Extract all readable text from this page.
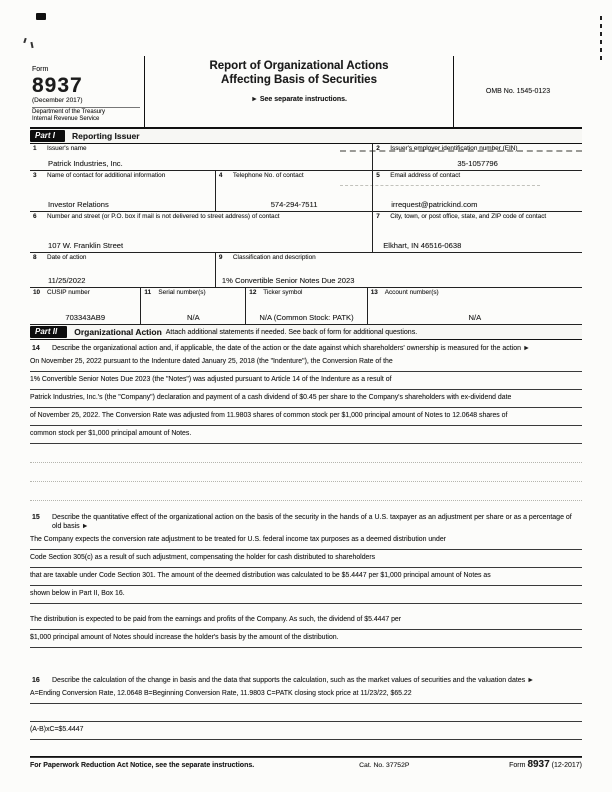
Form
8937
(December 2017)
Department of the Treasury
Internal Revenue Service
Report of Organizational Actions
Affecting Basis of Securities
► See separate instructions.
OMB No. 1545-0123
Part I	Reporting Issuer
1	Issuer's name
Patrick Industries, Inc.
2	Issuer's employer identification number (EIN)
35-1057796
3	Name of contact for additional information
Investor Relations
4	Telephone No. of contact
574-294-7511
5	Email address of contact
irrequest@patrickind.com
6	Number and street (or P.O. box if mail is not delivered to street address) of contact
107 W. Franklin Street
7	City, town, or post office, state, and ZIP code of contact
Elkhart, IN 46516-0638
8	Date of action
11/25/2022
9	Classification and description
1% Convertible Senior Notes Due 2023
10 CUSIP number
703343AB9
11 Serial number(s)
N/A
12 Ticker symbol
N/A (Common Stock: PATK)
13 Account number(s)
N/A
Part II	Organizational Action Attach additional statements if needed. See back of form for additional questions.
14	Describe the organizational action and, if applicable, the date of the action or the date against which shareholders' ownership is measured for the action ►
On November 25, 2022 pursuant to the Indenture dated January 25, 2018 (the "Indenture"), the Conversion Rate of the
1% Convertible Senior Notes Due 2023 (the "Notes") was adjusted pursuant to Article 14 of the Indenture as a result of
Patrick Industries, Inc.'s (the "Company") declaration and payment of a cash dividend of $0.45 per share to the Company's shareholders with ex-dividend date
of November 25, 2022. The Conversion Rate was adjusted from 11.9803 shares of common stock per $1,000 principal amount of Notes to 12.0648 shares of
common stock per $1,000 principal amount of Notes.
15	Describe the quantitative effect of the organizational action on the basis of the security in the hands of a U.S. taxpayer as an adjustment per share or as a percentage of old basis ►
The Company expects the conversion rate adjustment to be treated for U.S. federal income tax purposes as a deemed distribution under
Code Section 305(c) as a result of such adjustment, compensating the holder for cash distributed to shareholders
that are taxable under Code Section 301. The amount of the deemed distribution was calculated to be $5.4447 per $1,000 principal amount of Notes as
shown below in Part II, Box 16.
The distribution is expected to be paid from the earnings and profits of the Company. As such, the dividend of $5.4447 per
$1,000 principal amount of Notes should increase the holder's basis by the amount of the distribution.
16	Describe the calculation of the change in basis and the data that supports the calculation, such as the market values of securities and the valuation dates ►
A=Ending Conversion Rate, 12.0648 B=Beginning Conversion Rate, 11.9803 C=PATK closing stock price at 11/23/22, $65.22
(A-B)xC=$5.4447
For Paperwork Reduction Act Notice, see the separate instructions.	Cat. No. 37752P	Form 8937 (12-2017)
